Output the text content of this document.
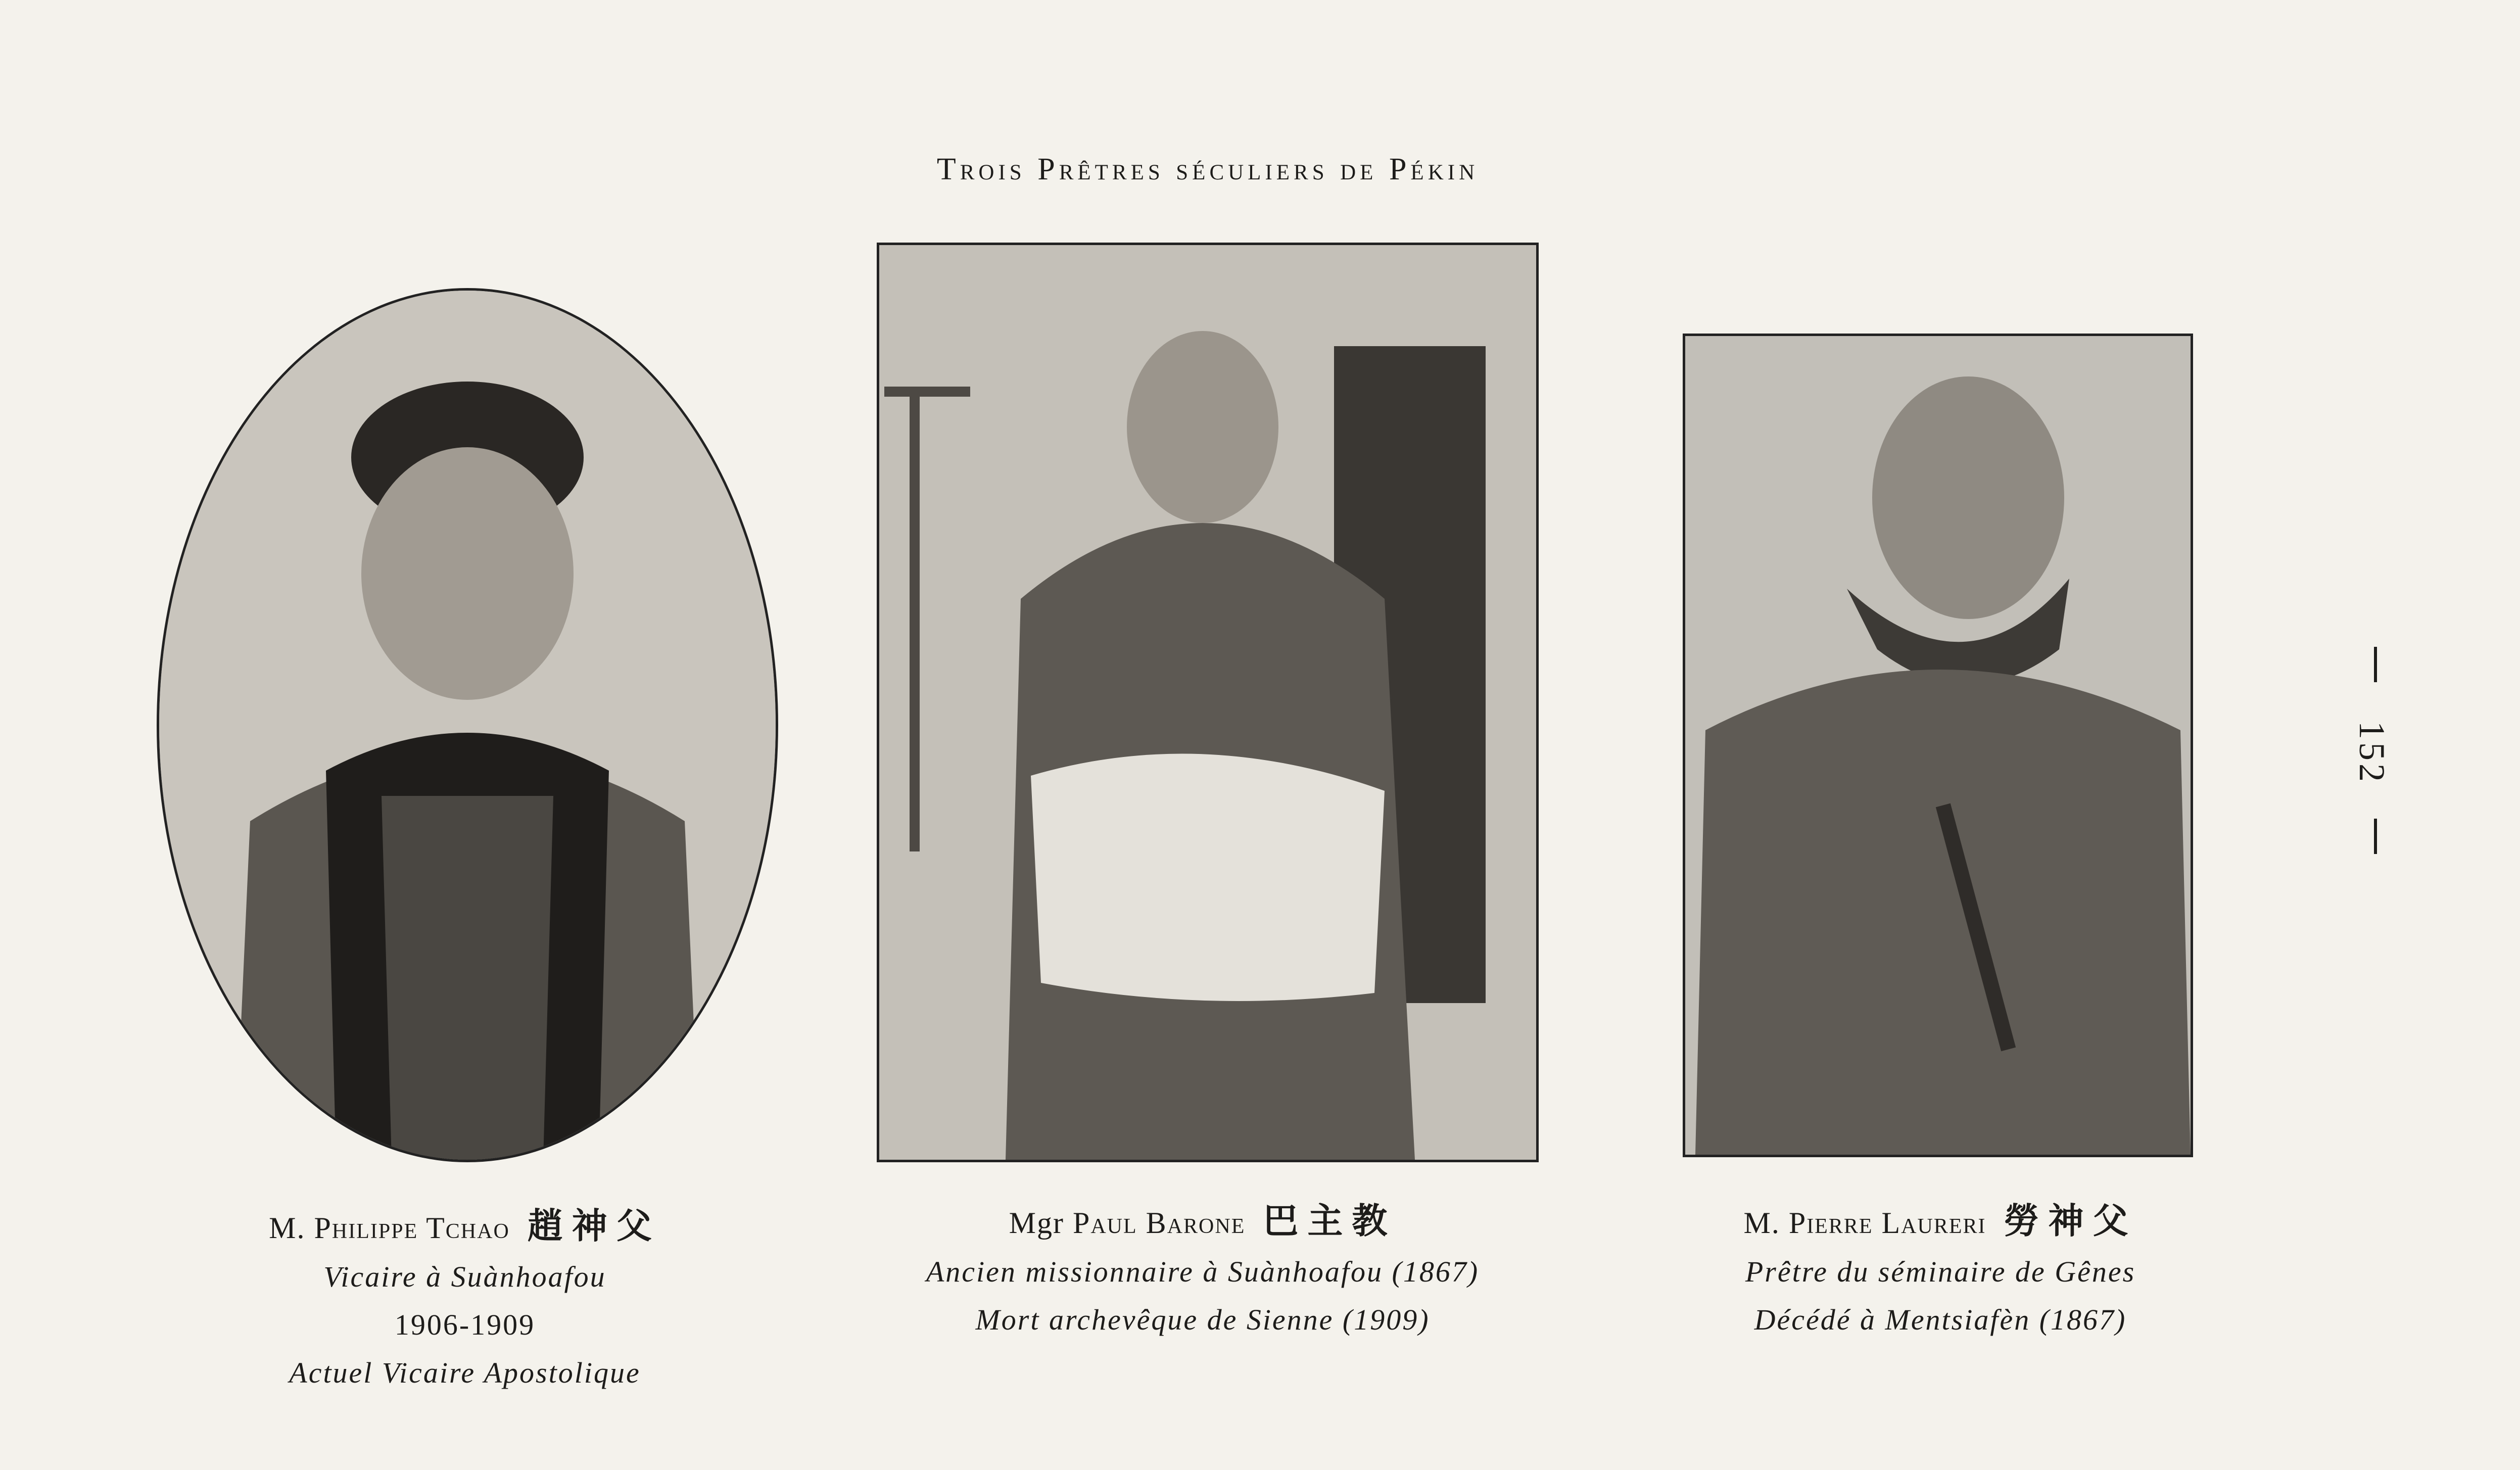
Trois Prêtres séculiers de Pékin
M. Philippe Tchao 趙神父
Vicaire à Suànhoafou
1906-1909
Actuel Vicaire Apostolique
Mgr Paul Barone 巴主教
Ancien missionnaire à Suànhoafou (1867)
Mort archevêque de Sienne (1909)
M. Pierre Laureri 勞神父
Prêtre du séminaire de Gênes
Décédé à Mentsiafèn (1867)
152
